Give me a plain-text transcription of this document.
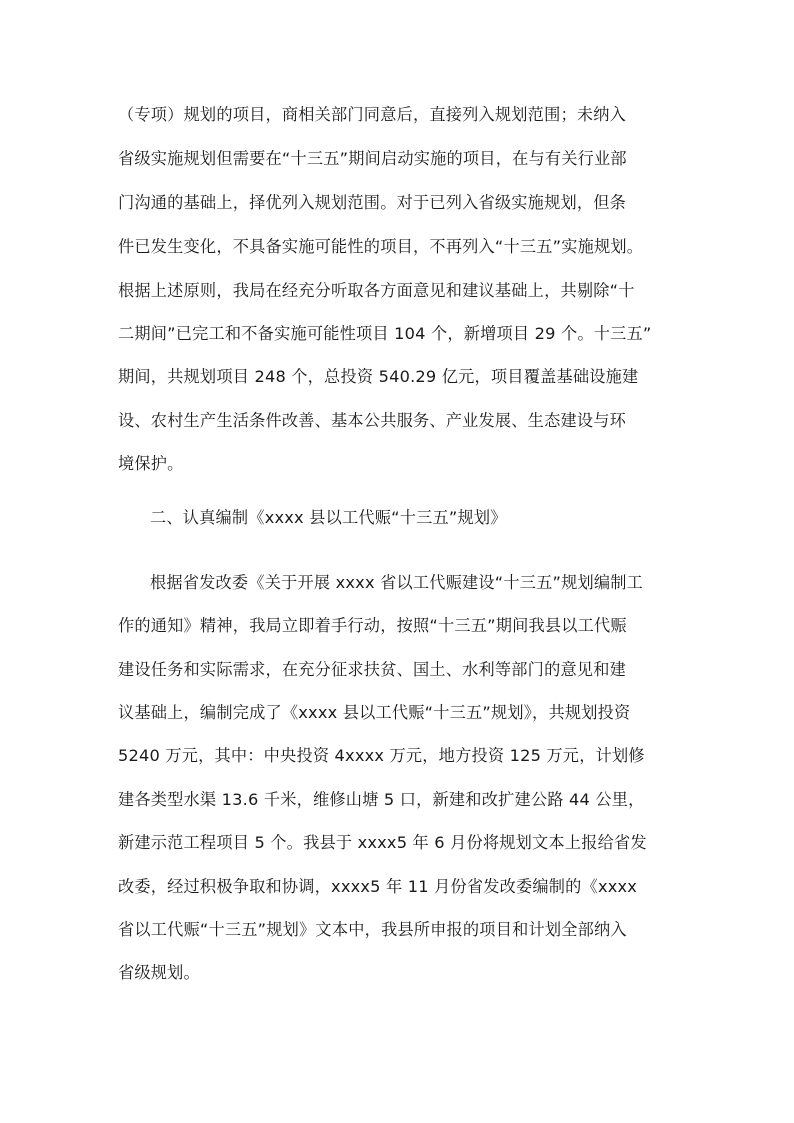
（专项）规划的项目，商相关部门同意后，直接列入规划范围；未纳入
省级实施规划但需要在“十三五”期间启动实施的项目，在与有关行业部
门沟通的基础上，择优列入规划范围。对于已列入省级实施规划，但条
件已发生变化，不具备实施可能性的项目，不再列入“十三五”实施规划。
根据上述原则，我局在经充分听取各方面意见和建议基础上，共剔除“十
二期间”已完工和不备实施可能性项目 104 个，新增项目 29 个。十三五”
期间，共规划项目 248 个，总投资 540.29 亿元，项目覆盖基础设施建
设、农村生产生活条件改善、基本公共服务、产业发展、生态建设与环
境保护。
二、认真编制《xxxx 县以工代赈“十三五”规划》
根据省发改委《关于开展 xxxx 省以工代赈建设“十三五”规划编制工
作的通知》精神，我局立即着手行动，按照“十三五”期间我县以工代赈
建设任务和实际需求，在充分征求扶贫、国土、水利等部门的意见和建
议基础上，编制完成了《xxxx 县以工代赈“十三五”规划》，共规划投资
5240 万元，其中：中央投资 4xxxx 万元，地方投资 125 万元，计划修
建各类型水渠 13.6 千米，维修山塘 5 口，新建和改扩建公路 44 公里，
新建示范工程项目 5 个。我县于 xxxx5 年 6 月份将规划文本上报给省发
改委，经过积极争取和协调，xxxx5 年 11 月份省发改委编制的《xxxx
省以工代赈“十三五”规划》文本中，我县所申报的项目和计划全部纳入
省级规划。
